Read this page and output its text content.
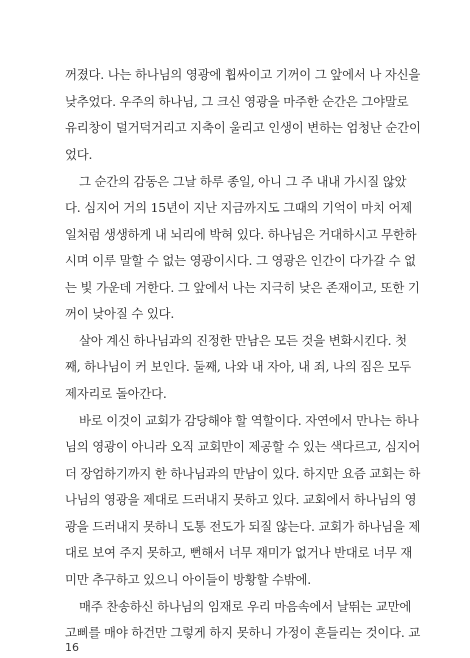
꺼졌다. 나는 하나님의 영광에 휩싸이고 기꺼이 그 앞에서 나 자신을
낮추었다. 우주의 하나님, 그 크신 영광을 마주한 순간은 그야말로
유리창이 덜거덕거리고 지축이 울리고 인생이 변하는 엄청난 순간이
었다.
그 순간의 감동은 그날 하루 종일, 아니 그 주 내내 가시질 않았
다. 심지어 거의 15년이 지난 지금까지도 그때의 기억이 마치 어제
일처럼 생생하게 내 뇌리에 박혀 있다. 하나님은 거대하시고 무한하
시며 이루 말할 수 없는 영광이시다. 그 영광은 인간이 다가갈 수 없
는 빛 가운데 거한다. 그 앞에서 나는 지극히 낮은 존재이고, 또한 기
꺼이 낮아질 수 있다.
살아 계신 하나님과의 진정한 만남은 모든 것을 변화시킨다. 첫
째, 하나님이 커 보인다. 둘째, 나와 내 자아, 내 죄, 나의 짐은 모두
제자리로 돌아간다.
바로 이것이 교회가 감당해야 할 역할이다. 자연에서 만나는 하나
님의 영광이 아니라 오직 교회만이 제공할 수 있는 색다르고, 심지어
더 장엄하기까지 한 하나님과의 만남이 있다. 하지만 요즘 교회는 하
나님의 영광을 제대로 드러내지 못하고 있다. 교회에서 하나님의 영
광을 드러내지 못하니 도통 전도가 되질 않는다. 교회가 하나님을 제
대로 보여 주지 못하고, 뻔해서 너무 재미가 없거나 반대로 너무 재
미만 추구하고 있으니 아이들이 방황할 수밖에.
매주 찬송하신 하나님의 임재로 우리 마음속에서 날뛰는 교만에
고삐를 매야 하건만 그렇게 하지 못하니 가정이 흔들리는 것이다. 교
16
